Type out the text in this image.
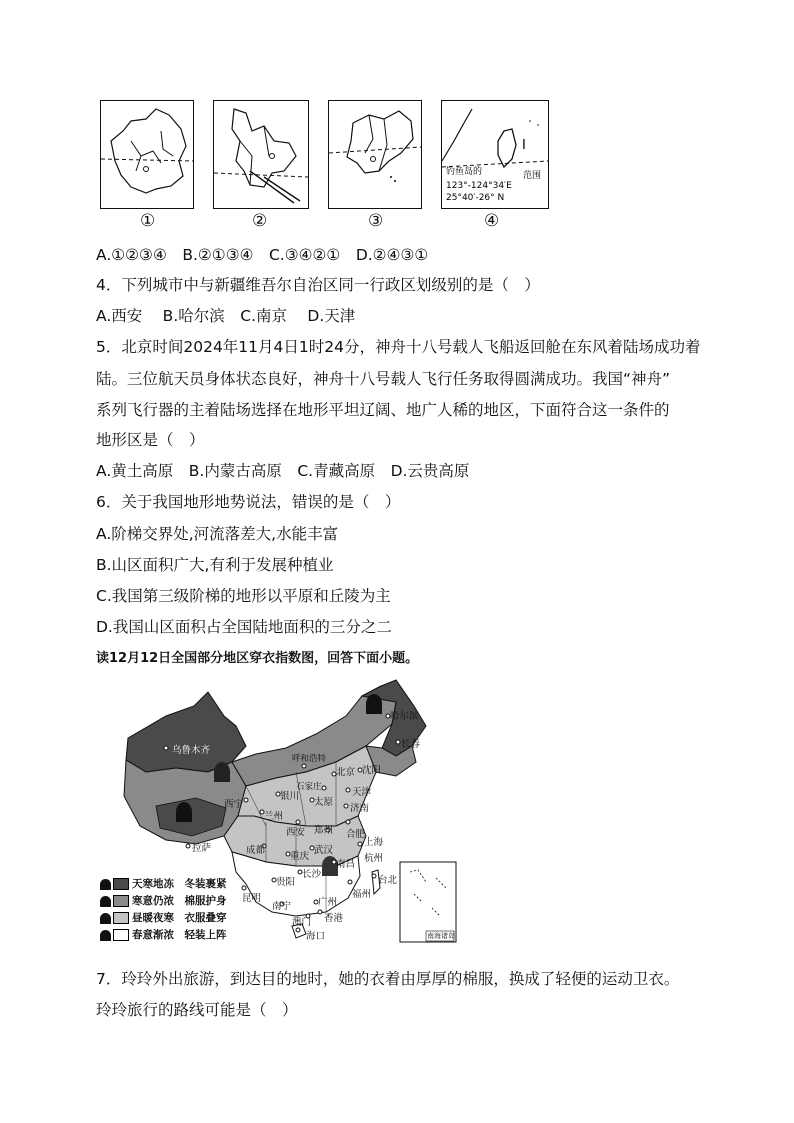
①	②	③
I
钓鱼岛的	范围
123°-124°34′E
25°40′-26° N
④
A.①②③④　B.②①③④　C.③④②①　D.②④③①
4．下列城市中与新疆维吾尔自治区同一行政区划级别的是（　）
A.西安　 B.哈尔滨　C.南京　 D.天津
5．北京时间2024年11月4日1时24分，神舟十八号载人飞船返回舱在东风着陆场成功着
陆。三位航天员身体状态良好，神舟十八号载人飞行任务取得圆满成功。我国“神舟”
系列飞行器的主着陆场选择在地形平坦辽阔、地广人稀的地区，下面符合这一条件的
地形区是（　）
A.黄土高原　B.内蒙古高原　C.青藏高原　D.云贵高原
6．关于我国地形地势说法，错误的是（　）
A.阶梯交界处,河流落差大,水能丰富
B.山区面积广大,有利于发展种植业
C.我国第三级阶梯的地形以平原和丘陵为主
D.我国山区面积占全国陆地面积的三分之二
读12月12日全国部分地区穿衣指数图，回答下面小题。
哈尔滨
长春
乌鲁木齐
呼和浩特
北京 沈阳
石家庄	天津
西宁
银川
太原
济南
兰州
西安 郑州 合肥
上海
拉萨	成都
重庆
武汉
南昌
杭州
长沙
贵阳
福州
昆明
南宁	广州
台北
香港
澳门
海口	南海诸岛
天寒地冻　冬装裹紧
寒意仍浓　棉服护身
昼暖夜寒　衣服叠穿
春意渐浓　轻装上阵
7．玲玲外出旅游，到达目的地时，她的衣着由厚厚的棉服，换成了轻便的运动卫衣。
玲玲旅行的路线可能是（　）
